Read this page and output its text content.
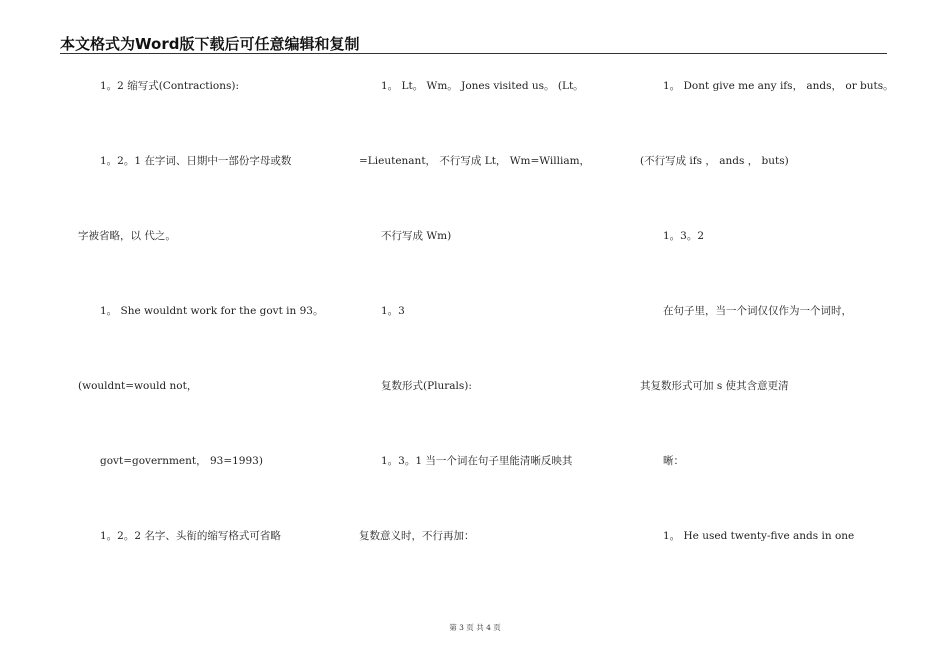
本文格式为Word版下载后可任意编辑和复制
1。2 缩写式(Contractions):
1。2。1 在字词、日期中一部份字母或数
字被省略，以 代之。
1。 She wouldnt work for the govt in 93。
(wouldnt=would not，
govt=government， 93=1993)
1。2。2 名字、头衔的缩写格式可省略
1。 Lt。 Wm。 Jones visited us。 (Lt。
=Lieutenant， 不行写成 Lt， Wm=William，
不行写成 Wm)
1。3
复数形式(Plurals):
1。3。1 当一个词在句子里能清晰反映其
复数意义时，不行再加：
1。 Dont give me any ifs， ands， or buts。
(不行写成 ifs ， ands ， buts)
1。3。2
在句子里，当一个词仅仅作为一个词时，
其复数形式可加 s 使其含意更清
晰：
1。 He used twenty-five ands in one
第 3 页 共 4 页
